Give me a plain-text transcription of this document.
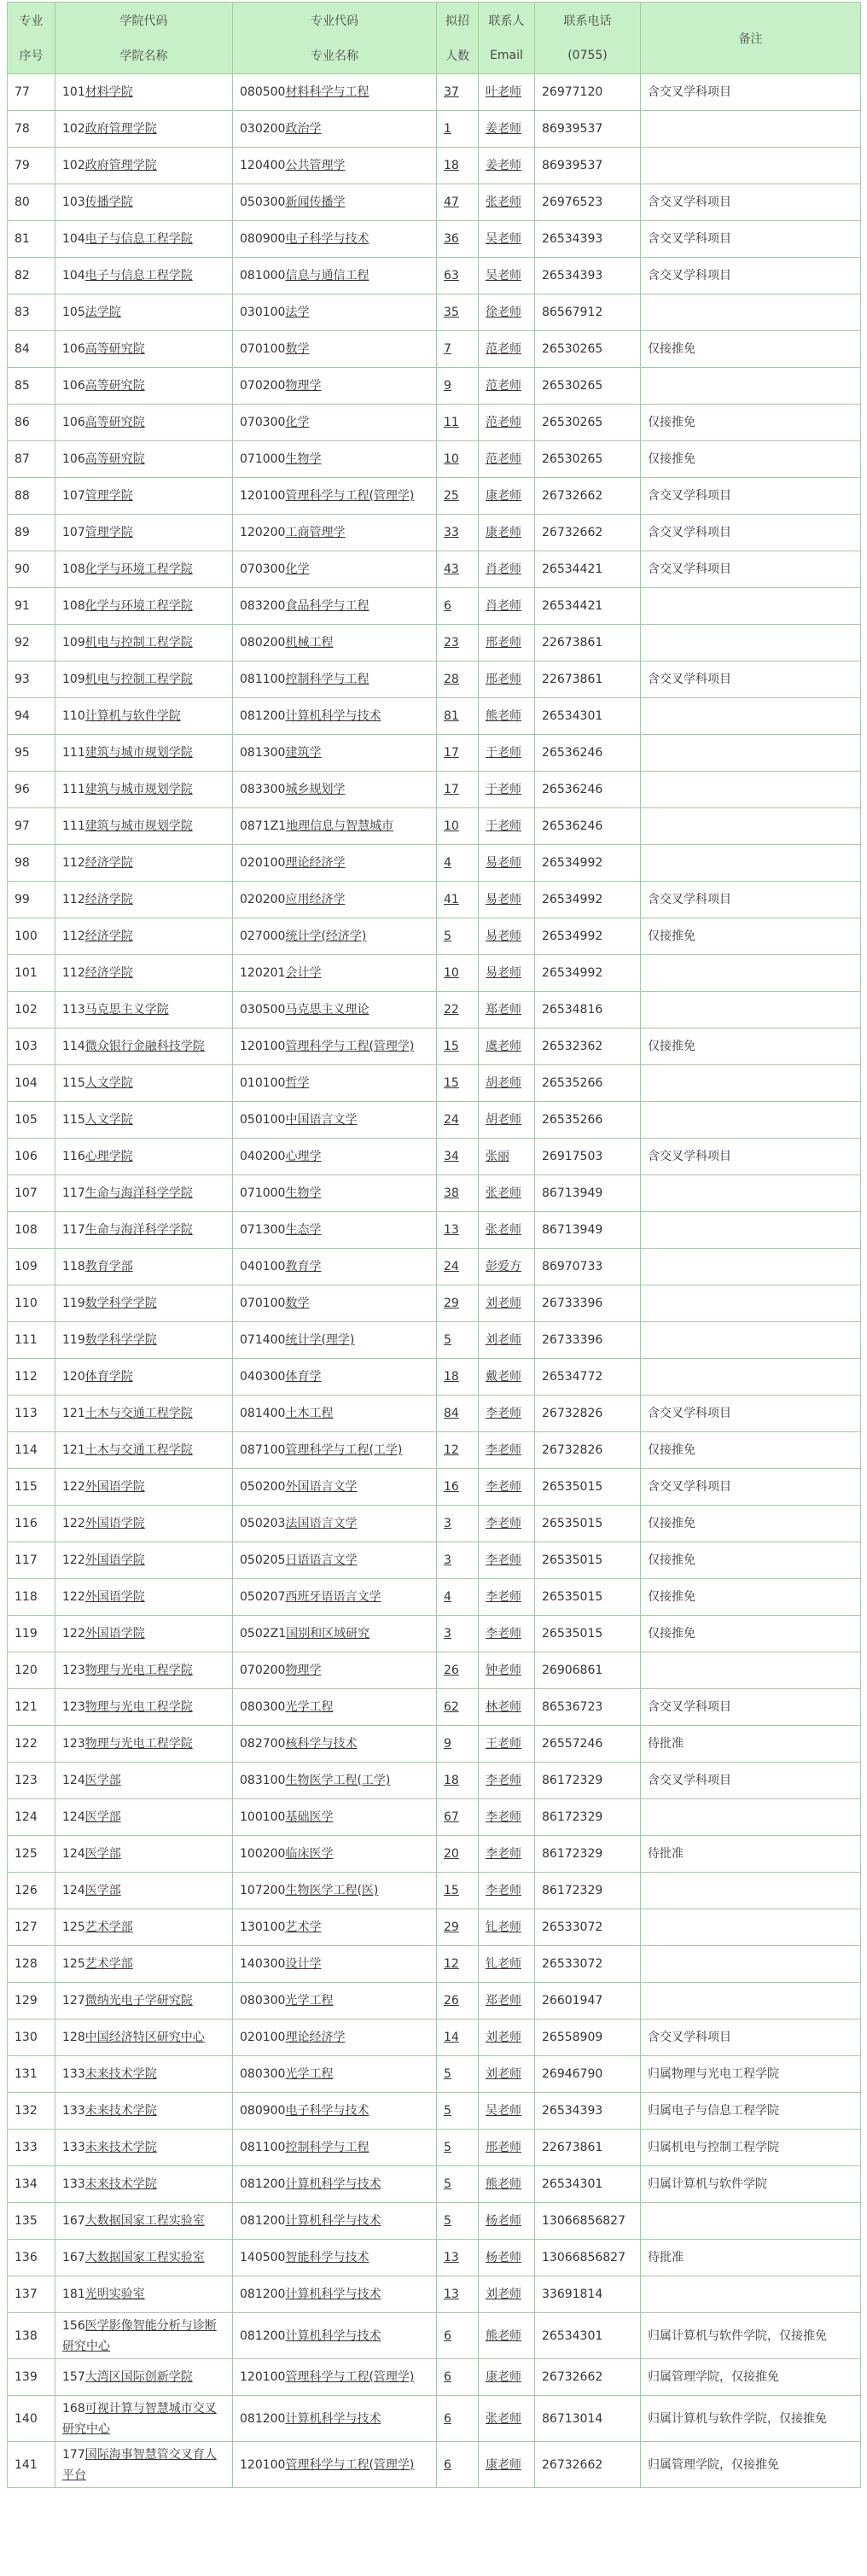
专业	学院代码	专业代码	拟招	联系人	联系电话	备注
序号	学院名称	专业名称	人数	Email	(0755)	
77	101材料学院	080500材料科学与工程	37	叶老师	26977120	含交叉学科项目
78	102政府管理学院	030200政治学	1	姜老师	86939537	
79	102政府管理学院	120400公共管理学	18	姜老师	86939537	
80	103传播学院	050300新闻传播学	47	张老师	26976523	含交叉学科项目
81	104电子与信息工程学院	080900电子科学与技术	36	吴老师	26534393	含交叉学科项目
82	104电子与信息工程学院	081000信息与通信工程	63	吴老师	26534393	含交叉学科项目
83	105法学院	030100法学	35	徐老师	86567912	
84	106高等研究院	070100数学	7	范老师	26530265	仅接推免
85	106高等研究院	070200物理学	9	范老师	26530265	
86	106高等研究院	070300化学	11	范老师	26530265	仅接推免
87	106高等研究院	071000生物学	10	范老师	26530265	仅接推免
88	107管理学院	120100管理科学与工程(管理学)	25	康老师	26732662	含交叉学科项目
89	107管理学院	120200工商管理学	33	康老师	26732662	含交叉学科项目
90	108化学与环境工程学院	070300化学	43	肖老师	26534421	含交叉学科项目
91	108化学与环境工程学院	083200食品科学与工程	6	肖老师	26534421	
92	109机电与控制工程学院	080200机械工程	23	邢老师	22673861	
93	109机电与控制工程学院	081100控制科学与工程	28	邢老师	22673861	含交叉学科项目
94	110计算机与软件学院	081200计算机科学与技术	81	熊老师	26534301	
95	111建筑与城市规划学院	081300建筑学	17	于老师	26536246	
96	111建筑与城市规划学院	083300城乡规划学	17	于老师	26536246	
97	111建筑与城市规划学院	0871Z1地理信息与智慧城市	10	于老师	26536246	
98	112经济学院	020100理论经济学	4	易老师	26534992	
99	112经济学院	020200应用经济学	41	易老师	26534992	含交叉学科项目
100	112经济学院	027000统计学(经济学)	5	易老师	26534992	仅接推免
101	112经济学院	120201会计学	10	易老师	26534992	
102	113马克思主义学院	030500马克思主义理论	22	郑老师	26534816	
103	114微众银行金融科技学院	120100管理科学与工程(管理学)	15	虞老师	26532362	仅接推免
104	115人文学院	010100哲学	15	胡老师	26535266	
105	115人文学院	050100中国语言文学	24	胡老师	26535266	
106	116心理学院	040200心理学	34	张丽	26917503	含交叉学科项目
107	117生命与海洋科学学院	071000生物学	38	张老师	86713949	
108	117生命与海洋科学学院	071300生态学	13	张老师	86713949	
109	118教育学部	040100教育学	24	彭爱方	86970733	
110	119数学科学学院	070100数学	29	刘老师	26733396	
111	119数学科学学院	071400统计学(理学)	5	刘老师	26733396	
112	120体育学院	040300体育学	18	戴老师	26534772	
113	121土木与交通工程学院	081400土木工程	84	李老师	26732826	含交叉学科项目
114	121土木与交通工程学院	087100管理科学与工程(工学)	12	李老师	26732826	仅接推免
115	122外国语学院	050200外国语言文学	16	李老师	26535015	含交叉学科项目
116	122外国语学院	050203法国语言文学	3	李老师	26535015	仅接推免
117	122外国语学院	050205日语语言文学	3	李老师	26535015	仅接推免
118	122外国语学院	050207西班牙语语言文学	4	李老师	26535015	仅接推免
119	122外国语学院	0502Z1国别和区域研究	3	李老师	26535015	仅接推免
120	123物理与光电工程学院	070200物理学	26	钟老师	26906861	
121	123物理与光电工程学院	080300光学工程	62	林老师	86536723	含交叉学科项目
122	123物理与光电工程学院	082700核科学与技术	9	王老师	26557246	待批准
123	124医学部	083100生物医学工程(工学)	18	李老师	86172329	含交叉学科项目
124	124医学部	100100基础医学	67	李老师	86172329	
125	124医学部	100200临床医学	20	李老师	86172329	待批准
126	124医学部	107200生物医学工程(医)	15	李老师	86172329	
127	125艺术学部	130100艺术学	29	钆老师	26533072	
128	125艺术学部	140300设计学	12	钆老师	26533072	
129	127微纳光电子学研究院	080300光学工程	26	郑老师	26601947	
130	128中国经济特区研究中心	020100理论经济学	14	刘老师	26558909	含交叉学科项目
131	133未来技术学院	080300光学工程	5	刘老师	26946790	归属物理与光电工程学院
132	133未来技术学院	080900电子科学与技术	5	吴老师	26534393	归属电子与信息工程学院
133	133未来技术学院	081100控制科学与工程	5	邢老师	22673861	归属机电与控制工程学院
134	133未来技术学院	081200计算机科学与技术	5	熊老师	26534301	归属计算机与软件学院
135	167大数据国家工程实验室	081200计算机科学与技术	5	杨老师	13066856827	
136	167大数据国家工程实验室	140500智能科学与技术	13	杨老师	13066856827	待批准
137	181光明实验室	081200计算机科学与技术	13	刘老师	33691814	
138	156医学影像智能分析与诊断研究中心	081200计算机科学与技术	6	熊老师	26534301	归属计算机与软件学院，仅接推免
139	157大湾区国际创新学院	120100管理科学与工程(管理学)	6	康老师	26732662	归属管理学院，仅接推免
140	168可视计算与智慧城市交叉研究中心	081200计算机科学与技术	6	张老师	86713014	归属计算机与软件学院，仅接推免
141	177国际海事智慧管交叉育人平台	120100管理科学与工程(管理学)	6	康老师	26732662	归属管理学院，仅接推免
